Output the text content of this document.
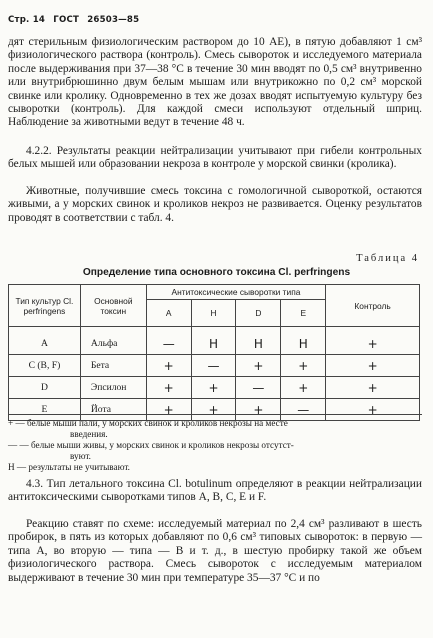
Стр. 14 ГОСТ 26503—85

дят стерильным физиологическим раствором до 10 АЕ), в пятую добавляют 1 см³ физиологического раствора (контроль). Смесь сывороток и исследуемого материала после выдерживания при 37—38 °С в течение 30 мин вводят по 0,5 см³ внутривенно или внутрибрюшинно двум белым мышам или внутрикожно по 0,2 см³ морской свинке или кролику. Одновременно в тех же дозах вводят испытуемую культуру без сыворотки (контроль). Для каждой смеси используют отдельный шприц. Наблюдение за животными ведут в течение 48 ч.

4.2.2. Результаты реакции нейтрализации учитывают при гибели контрольных белых мышей или образовании некроза в контроле у морской свинки (кролика).

Животные, получившие смесь токсина с гомологичной сывороткой, остаются живыми, а у морских свинок и кроликов некроз не развивается. Оценку результатов проводят в соответствии с табл. 4.

Таблица 4
Определение типа основного токсина Cl. perfringens
Тип культур Cl. perfringens	Основной токсин	Антитоксические сыворотки типа				Контроль
		А	Н	D	Е	
А	Альфа	—	Н	Н	Н	+
С (В, F)	Бета	+	—	+	+	+
D	Эпсилон	+	+	—	+	+
Е	Йота	+	+	+	—	+

+ — белые мыши пали, у морских свинок и кроликов некрозы на месте

введения.

— — белые мыши живы, у морских свинок и кроликов некрозы отсутст-

вуют.

Н — результаты не учитывают.

4.3. Тип летального токсина Cl. botulinum определяют в реакции нейтрализации антитоксическими сыворотками типов А, В, С, Е и F.

Реакцию ставят по схеме: исследуемый материал по 2,4 см³ разливают в шесть пробирок, в пять из которых добавляют по 0,6 см³ типовых сывороток: в первую — типа А, во вторую — типа — В и т. д., в шестую пробирку такой же объем физиологического раствора. Смесь сывороток с исследуемым материалом выдерживают в течение 30 мин при температуре 35—37 °С и по
